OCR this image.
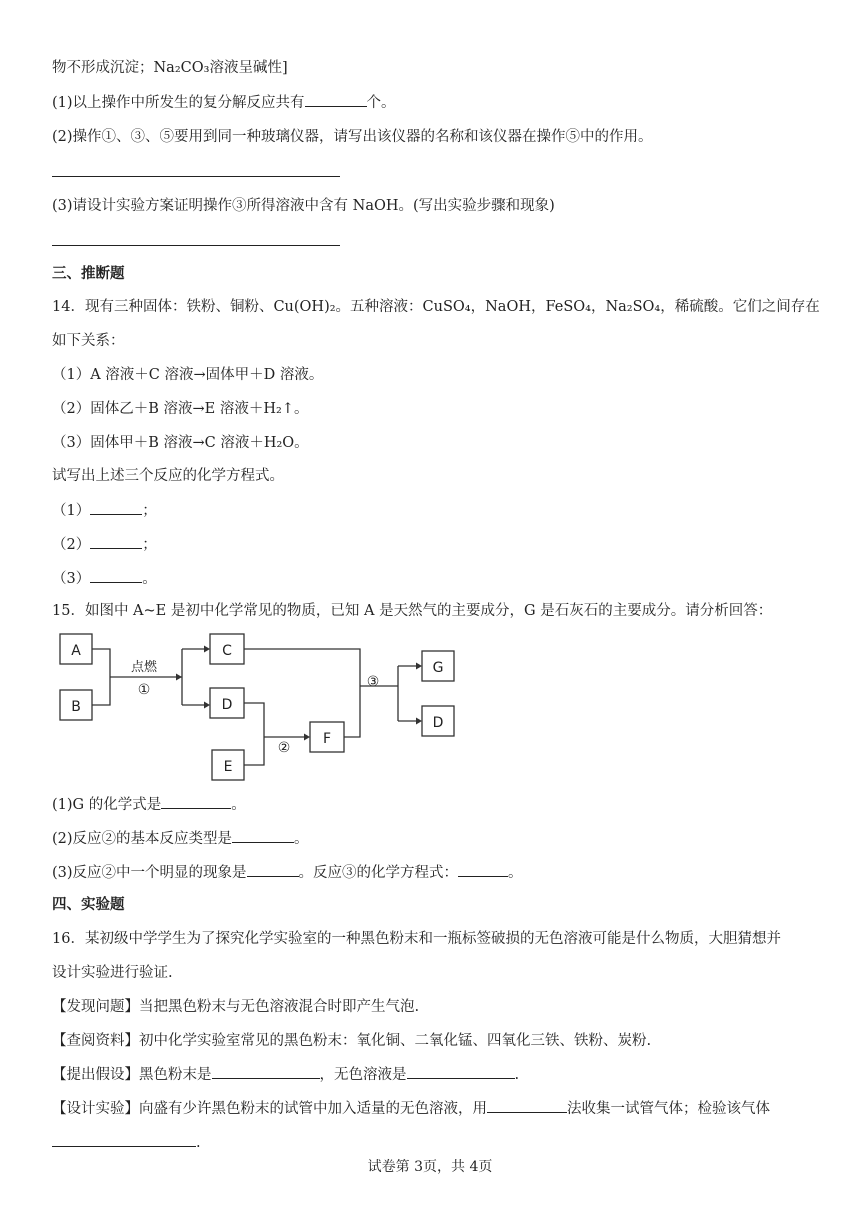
物不形成沉淀；Na₂CO₃溶液呈碱性]
(1)以上操作中所发生的复分解反应共有	个。
(2)操作①、③、⑤要用到同一种玻璃仪器，请写出该仪器的名称和该仪器在操作⑤中的作用。
(3)请设计实验方案证明操作③所得溶液中含有 NaOH。(写出实验步骤和现象)
三、推断题
14．现有三种固体：铁粉、铜粉、Cu(OH)₂。五种溶液：CuSO₄，NaOH，FeSO₄，Na₂SO₄，稀硫酸。它们之间存在
如下关系：
（1）A 溶液＋C 溶液→固体甲＋D 溶液。
（2）固体乙＋B 溶液→E 溶液＋H₂↑。
（3）固体甲＋B 溶液→C 溶液＋H₂O。
试写出上述三个反应的化学方程式。
（1）	；
（2）	；
（3）	。
15．如图中 A~E 是初中化学常见的物质，已知 A 是天然气的主要成分，G 是石灰石的主要成分。请分析回答：
A
B
C
D
E
F
G
D
点燃
①
②
③
(1)G 的化学式是	。
(2)反应②的基本反应类型是	。
(3)反应②中一个明显的现象是	。反应③的化学方程式：	。
四、实验题
16．某初级中学学生为了探究化学实验室的一种黑色粉末和一瓶标签破损的无色溶液可能是什么物质，大胆猜想并
设计实验进行验证.
【发现问题】当把黑色粉末与无色溶液混合时即产生气泡.
【查阅资料】初中化学实验室常见的黑色粉末：氧化铜、二氧化锰、四氧化三铁、铁粉、炭粉.
【提出假设】黑色粉末是	，无色溶液是	.
【设计实验】向盛有少许黑色粉末的试管中加入适量的无色溶液，用	法收集一试管气体；检验该气体
.
试卷第 3页，共 4页
